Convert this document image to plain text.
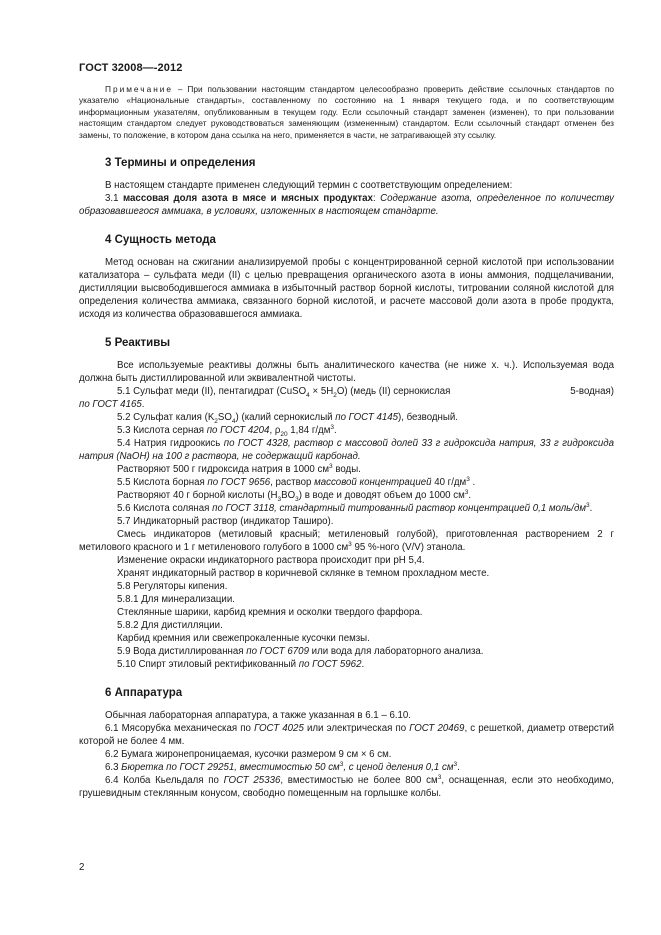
ГОСТ 32008—-2012

Примечание – При пользовании настоящим стандартом целесообразно проверить действие ссылочных стандартов по указателю «Национальные стандарты», составленному по состоянию на 1 января текущего года, и по соответствующим информационным указателям, опубликованным в текущем году. Если ссылочный стандарт заменен (изменен), то при пользовании настоящим стандартом следует руководствоваться заменяющим (измененным) стандартом. Если ссылочный стандарт отменен без замены, то положение, в котором дана ссылка на него, применяется в части, не затрагивающей эту ссылку.

3 Термины и определения

В настоящем стандарте применен следующий термин с соответствующим определением:

3.1 массовая доля азота в мясе и мясных продуктах: Содержание азота, определенное по количеству образовавшегося аммиака, в условиях, изложенных в настоящем стандарте.

4 Сущность метода

Метод основан на сжигании анализируемой пробы с концентрированной серной кислотой при использовании катализатора – сульфата меди (II) с целью превращения органического азота в ионы аммония, подщелачивании, дистилляции высвободившегося аммиака в избыточный раствор борной кислоты, титровании соляной кислотой для определения количества аммиака, связанного борной кислотой, и расчете массовой доли азота в пробе продукта, исходя из количества образовавшегося аммиака.

5 Реактивы

Все используемые реактивы должны быть аналитического качества (не ниже х. ч.). Используемая вода должна быть дистиллированной или эквивалентной чистоты.

5.1 Сульфат меди (II), пентагидрат (CuSO$_4$ × $5H_2O$) (медь (II) сернокислая	5-водная)

по ГОСТ 4165.

5.2 Сульфат калия $(K_2SO_4)$ (калий сернокислый по ГОСТ 4145), безводный.

5.3 Кислота серная по ГОСТ 4204, $\rho_{20}$ 1,84 $г/дм^3$.

5.4 Натрия гидроокись по ГОСТ 4328, раствор с массовой долей 33 г гидроксида натрия, 33 г гидроксида натрия (NaOH) на 100 г раствора, не содержащий карбонад.

Растворяют 500 г гидроксида натрия в 1000 $см^3$ воды.

5.5 Кислота борная по ГОСТ 9656, раствор массовой концентрацией 40 $г/дм^3$ .

Растворяют 40 г борной кислоты $(H_3BO_3)$ в воде и доводят объем до 1000 $см^3$.

5.6 Кислота соляная по ГОСТ 3118, стандартный титрованный раствор концентрацией 0,1 моль/$дм^3$.

5.7 Индикаторный раствор (индикатор Таширо).

Смесь индикаторов (метиловый красный; метиленовый голубой), приготовленная растворением 2 г метилового красного и 1 г метиленового голубого в 1000 $см^3$ 95 %-ного (V/V) этанола.

Изменение окраски индикаторного раствора происходит при pH 5,4.

Хранят индикаторный раствор в коричневой склянке в темном прохладном месте.

5.8 Регуляторы кипения.

5.8.1 Для минерализации.

Стеклянные шарики, карбид кремния и осколки твердого фарфора.

5.8.2 Для дистилляции.

Карбид кремния или свежепрокаленные кусочки пемзы.

5.9 Вода дистиллированная по ГОСТ 6709 или вода для лабораторного анализа.

5.10 Спирт этиловый ректификованный по ГОСТ 5962.

6 Аппаратура

Обычная лабораторная аппаратура, а также указанная в 6.1 – 6.10.

6.1 Мясорубка механическая по ГОСТ 4025 или электрическая по ГОСТ 20469, с решеткой, диаметр отверстий которой не более 4 мм.

6.2 Бумага жиронепроницаемая, кусочки размером 9 см × 6 см.

6.3 Бюретка по ГОСТ 29251, вместимостью 50 $см^3$, с ценой деления 0,1 $см^3$.

6.4 Колба Кьельдаля по ГОСТ 25336, вместимостью не более 800 $см^3$, оснащенная, если это необходимо, грушевидным стеклянным конусом, свободно помещенным на горлышке колбы.

2
